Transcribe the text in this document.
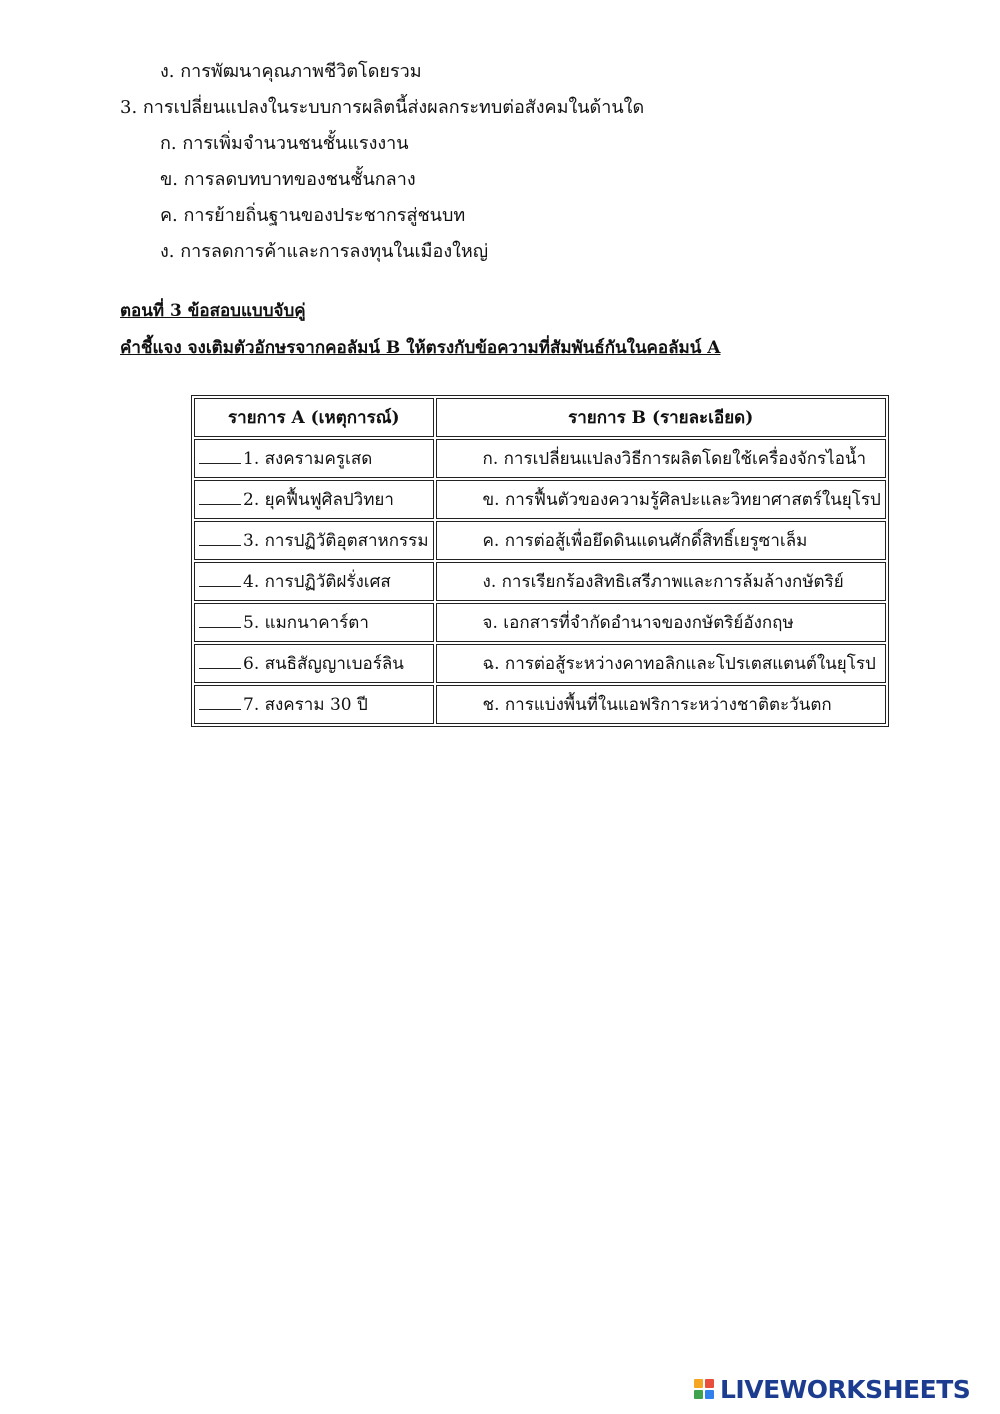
ง. การพัฒนาคุณภาพชีวิตโดยรวม
3. การเปลี่ยนแปลงในระบบการผลิตนี้ส่งผลกระทบต่อสังคมในด้านใด
ก. การเพิ่มจำนวนชนชั้นแรงงาน
ข. การลดบทบาทของชนชั้นกลาง
ค. การย้ายถิ่นฐานของประชากรสู่ชนบท
ง. การลดการค้าและการลงทุนในเมืองใหญ่
ตอนที่ 3 ข้อสอบแบบจับคู่
คำชี้แจง จงเติมตัวอักษรจากคอลัมน์ B ให้ตรงกับข้อความที่สัมพันธ์กันในคอลัมน์ A
รายการ A (เหตุการณ์)	รายการ B (รายละเอียด)
1. สงครามครูเสด	ก. การเปลี่ยนแปลงวิธีการผลิตโดยใช้เครื่องจักรไอน้ำ
2. ยุคฟื้นฟูศิลปวิทยา	ข. การฟื้นตัวของความรู้ศิลปะและวิทยาศาสตร์ในยุโรป
3. การปฏิวัติอุตสาหกรรม	ค. การต่อสู้เพื่อยึดดินแดนศักดิ์สิทธิ์เยรูซาเล็ม
4. การปฏิวัติฝรั่งเศส	ง. การเรียกร้องสิทธิเสรีภาพและการล้มล้างกษัตริย์
5. แมกนาคาร์ตา	จ. เอกสารที่จำกัดอำนาจของกษัตริย์อังกฤษ
6. สนธิสัญญาเบอร์ลิน	ฉ. การต่อสู้ระหว่างคาทอลิกและโปรเตสแตนต์ในยุโรป
7. สงคราม 30 ปี	ช. การแบ่งพื้นที่ในแอฟริการะหว่างชาติตะวันตก
LIVEWORKSHEETS
